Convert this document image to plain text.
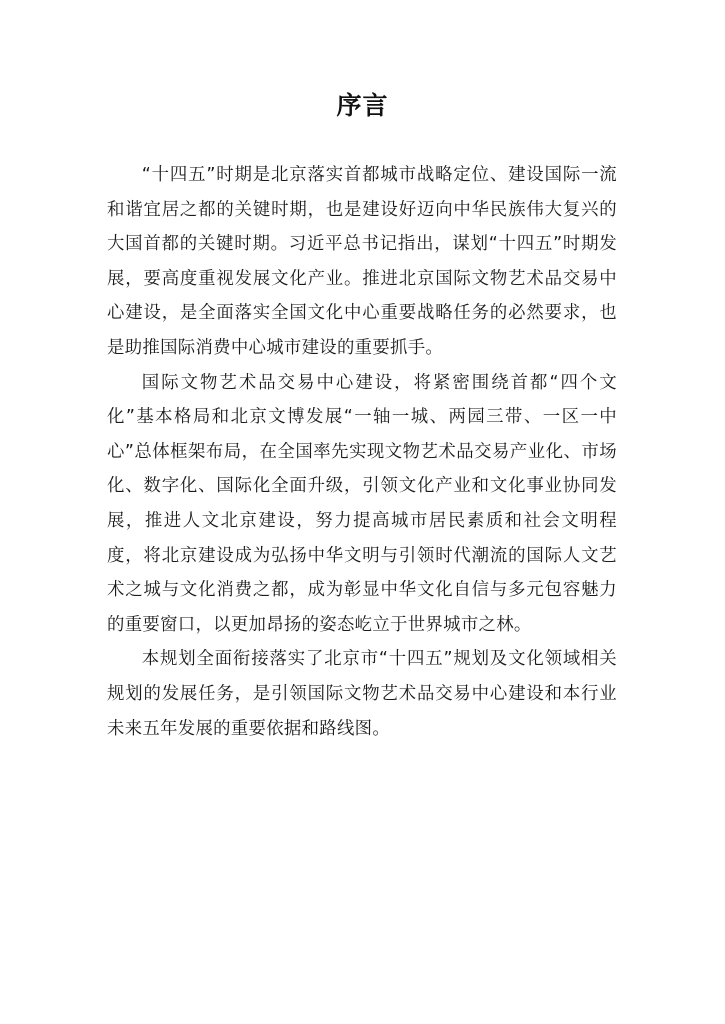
序言

“十四五”时期是北京落实首都城市战略定位、建设国际一流和谐宜居之都的关键时期，也是建设好迈向中华民族伟大复兴的大国首都的关键时期。习近平总书记指出，谋划“十四五”时期发展，要高度重视发展文化产业。推进北京国际文物艺术品交易中心建设，是全面落实全国文化中心重要战略任务的必然要求，也是助推国际消费中心城市建设的重要抓手。

国际文物艺术品交易中心建设，将紧密围绕首都“四个文化”基本格局和北京文博发展“一轴一城、两园三带、一区一中心”总体框架布局，在全国率先实现文物艺术品交易产业化、市场化、数字化、国际化全面升级，引领文化产业和文化事业协同发展，推进人文北京建设，努力提高城市居民素质和社会文明程度，将北京建设成为弘扬中华文明与引领时代潮流的国际人文艺术之城与文化消费之都，成为彰显中华文化自信与多元包容魅力的重要窗口，以更加昂扬的姿态屹立于世界城市之林。

本规划全面衔接落实了北京市“十四五”规划及文化领域相关规划的发展任务，是引领国际文物艺术品交易中心建设和本行业未来五年发展的重要依据和路线图。
